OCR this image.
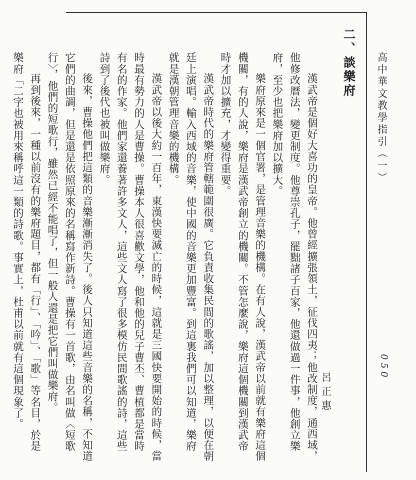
高中華文教學指引（一）
050
二、談樂府
呂正惠

漢武帝是個好大喜功的皇帝。他曾經擴張領土，征伐四夷；他改制度，通西域，他修改曆法，變更制度。他尊崇孔子，罷黜諸子百家，他還做過一件事，他創立樂府，至少也把樂府加以擴大。

樂府原來是一個官署，是管理音樂的機構。在有人說，漢武帝以前就有樂府這個機關，有的人說，樂府是漢武帝創立的機關。不管怎麼說，樂府這個機關到漢武帝時才加以擴充，才變得重要。

漢武帝時代的樂府管轄範圍很廣。它負責收集民間的歌謠，加以整理，以便在朝廷上演唱。輸入西域的音樂，使中國的音樂更加豐富。到這裏我們可以知道，樂府就是漢朝管理音樂的機構。

漢武帝以後大約一百年，東漢快要滅亡的時候，這就是三國快要開始的時候，當時最有勢力的人是曹操。曹操本人很喜歡文學，他和他的兒子曹丕、曹植都是當時有名的作家。他們家還養著許多文人，這些文人寫了很多模仿民間歌謠的詩，這些詩到了後代也被叫做樂府。

後來，曹操他們把這類的音樂漸漸消失了。後人只知道這些音樂的名稱，不知道它們的曲調，但是還是依照原來的名稱寫作新詩。曹操有一首歌，由名叫做〈短歌行〉，他們的短歌行，雖然已經不能唱了，但一般人還是把它們叫做樂府。

再到後來，一種以前沒有的樂府題目，都有「行」、「吟」、「歌」等名目，於是樂府「二字也被用來稱呼這一類的詩歌。事實上，杜甫以前就有這個現象了。
